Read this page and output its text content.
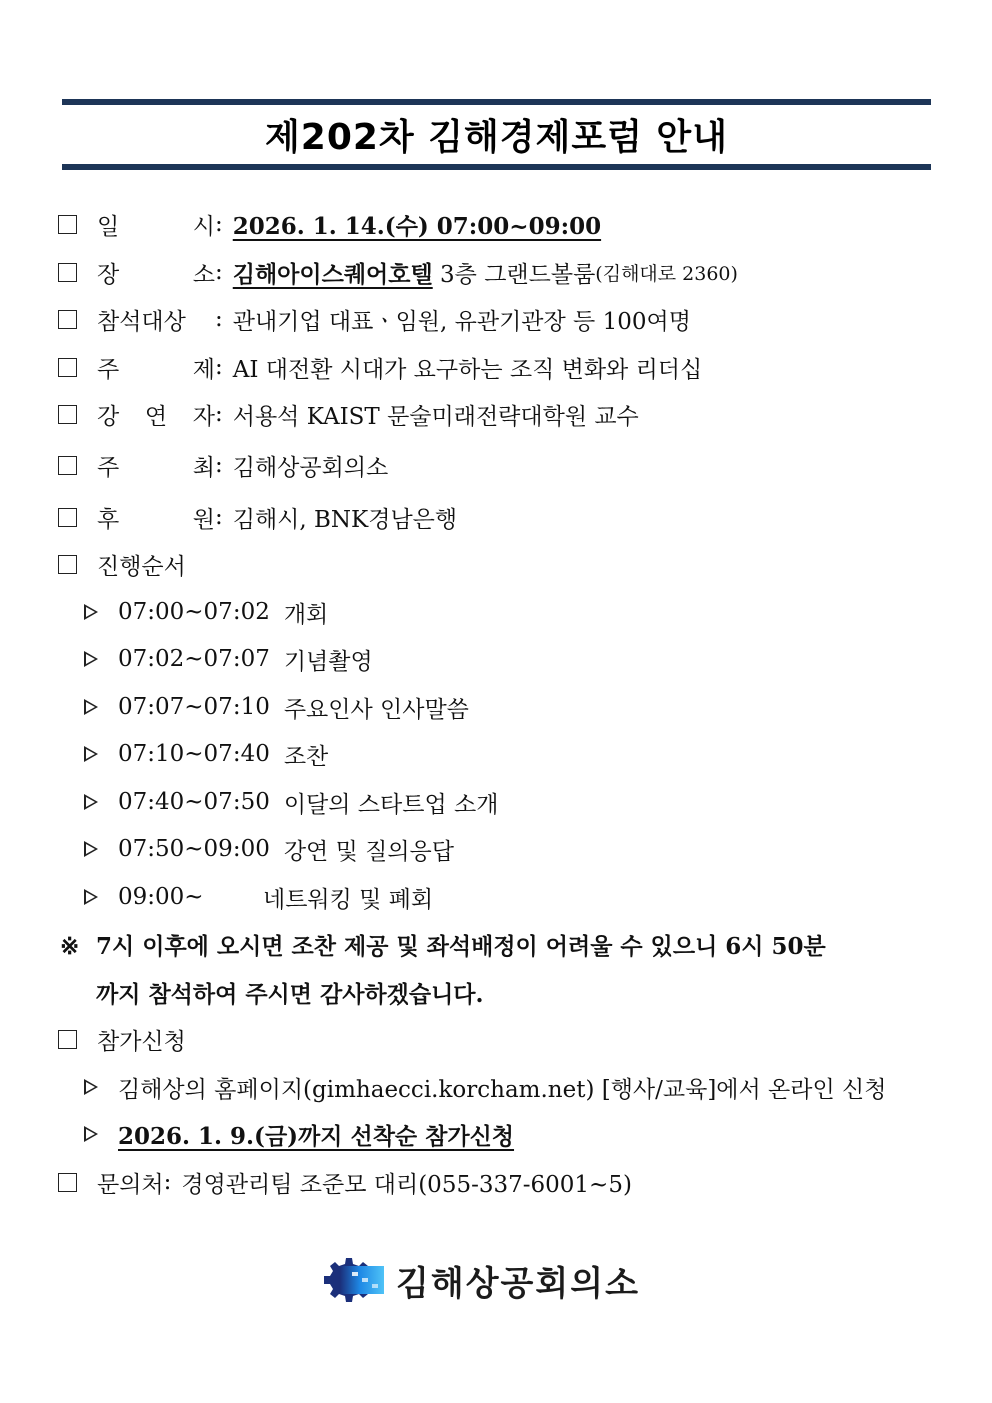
제202차 김해경제포럼 안내
일　　시 : 2026. 1. 14.(수) 07:00~09:00
장　　소 : 김해아이스퀘어호텔 3층 그랜드볼룸 (김해대로 2360)
참석대상	: 관내기업 대표ㆍ임원, 유관기관장 등 100여명
주　　제 : AI 대전환 시대가 요구하는 조직 변화와 리더십
강 연 자 : 서용석 KAIST 문술미래전략대학원 교수
주　　최 : 김해상공회의소
후　　원 : 김해시, BNK경남은행
진행순서
07:00~07:02 개회
07:02~07:07 기념촬영
07:07~07:10 주요인사 인사말씀
07:10~07:40 조찬
07:40~07:50 이달의 스타트업 소개
07:50~09:00 강연 및 질의응답
09:00~	네트워킹 및 폐회
※ 7시 이후에 오시면 조찬 제공 및 좌석배정이 어려울 수 있으니 6시 50분
까지 참석하여 주시면 감사하겠습니다.
참가신청
김해상의 홈페이지(gimhaecci.korcham.net) [행사/교육]에서 온라인 신청
2026. 1. 9.(금)까지 선착순 참가신청
문의처 : 경영관리팀 조준모 대리(055-337-6001~5)
김해상공회의소
